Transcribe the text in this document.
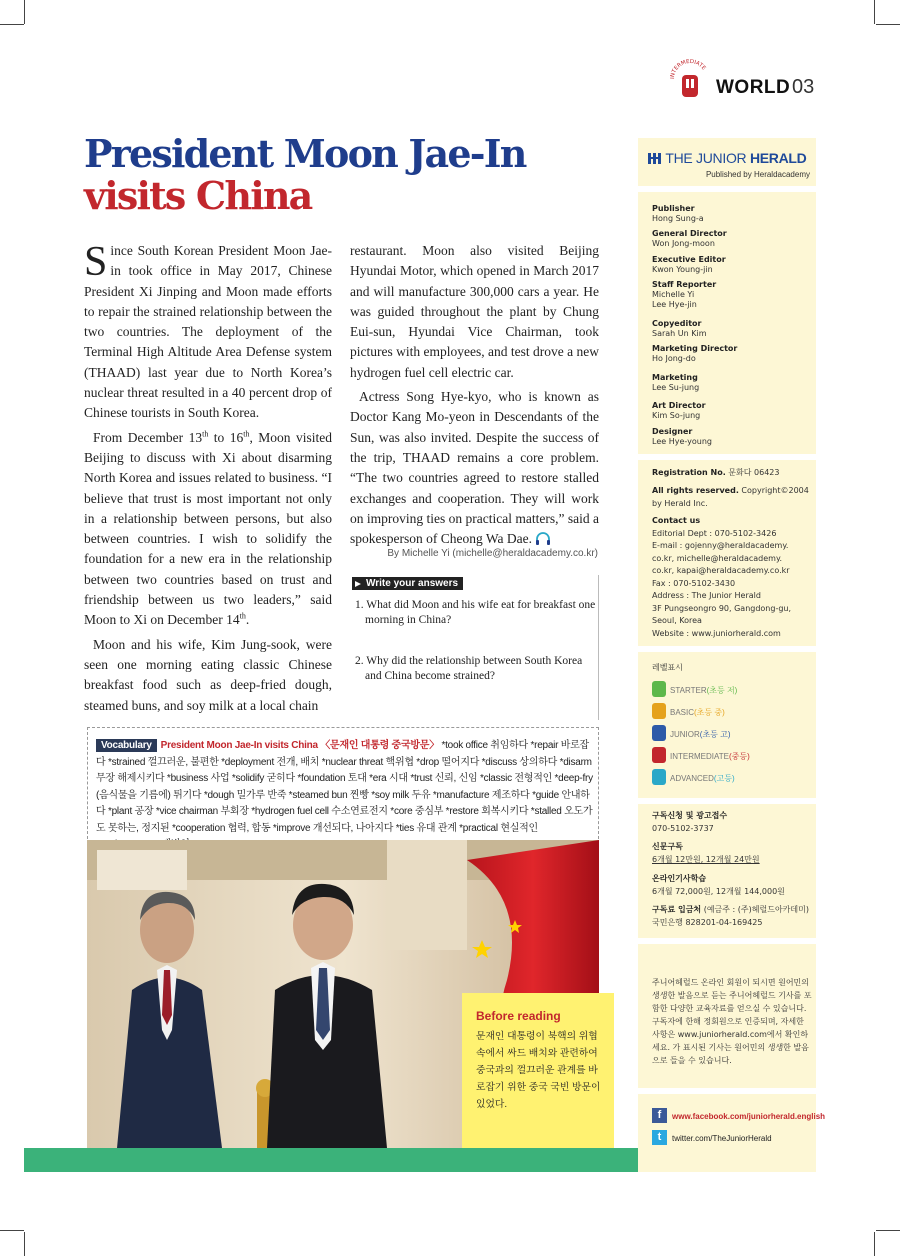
INTERMEDIATE
WORLD 03
President Moon Jae-In
visits China

Since South Korean President Moon Jae-in took office in May 2017, Chinese President Xi Jinping and Moon made efforts to repair the strained relationship between the two countries. The deployment of the Terminal High Altitude Area Defense system (THAAD) last year due to North Korea’s nuclear threat resulted in a 40 percent drop of Chinese tourists in South Korea.

From December 13th to 16th, Moon visited Beijing to discuss with Xi about disarming North Korea and issues related to business. “I believe that trust is most important not only in a relationship between persons, but also between countries. I wish to solidify the foundation for a new era in the relationship between two countries based on trust and friendship between us two leaders,” said Moon to Xi on December 14th.

Moon and his wife, Kim Jung-sook, were seen one morning eating classic Chinese breakfast food such as deep-fried dough, steamed buns, and soy milk at a local chain

restaurant. Moon also visited Beijing Hyundai Motor, which opened in March 2017 and will manufacture 300,000 cars a year. He was guided throughout the plant by Chung Eui-sun, Hyundai Vice Chairman, took pictures with employees, and test drove a new hydrogen fuel cell electric car.

Actress Song Hye-kyo, who is known as Doctor Kang Mo-yeon in Descendants of the Sun, was also invited. Despite the success of the trip, THAAD remains a core problem. “The two countries agreed to restore stalled exchanges and cooperation. They will work on improving ties on practical matters,” said a spokesperson of Cheong Wa Dae.

By Michelle Yi (michelle@heraldacademy.co.kr)
Write your answers
1. What did Moon and his wife eat for breakfast one morning in China?
2. Why did the relationship between South Korea and China become strained?
Vocabulary President Moon Jae-In visits China 〈문재인 대통령 중국방문〉 *took office 취임하다 *repair 바로잡다 *strained 껄끄러운, 불편한 *deployment 전개, 배치 *nuclear threat 핵위협 *drop 떨어지다 *discuss 상의하다 *disarm 무장 해제시키다 *business 사업 *solidify 굳히다 *foundation 토대 *era 시대 *trust 신뢰, 신임 *classic 전형적인 *deep-fry (음식물을 기름에) 튀기다 *dough 밀가루 반죽 *steamed bun 찐빵 *soy milk 두유 *manufacture 제조하다 *guide 안내하다 *plant 공장 *vice chairman 부회장 *hydrogen fuel cell 수소연료전지 *core 중심부 *restore 회복시키다 *stalled 오도가도 못하는, 정지된 *cooperation 협력, 합동 *improve 개선되다, 나아지다 *ties 유대 관계 *practical 현실적인
Before reading
문재인 대통령이 북핵의 위협속에서 싸드 배치와 관련하여 중국과의 껄끄러운 관계를 바로잡기 위한 중국 국빈 방문이 있었다.
THE JUNIOR HERALD
Published by Heraldacademy
Publisher
Hong Sung-a
General Director
Won Jong-moon
Executive Editor
Kwon Young-jin
Staff Reporter
Michelle Yi
Lee Hye-jin
Copyeditor
Sarah Un Kim
Marketing Director
Ho Jong-do
Marketing
Lee Su-jung
Art Director
Kim So-jung
Designer
Lee Hye-young
Registration No. 문화다 06423
All rights reserved. Copyright©2004 by Herald Inc.
Contact us
Editorial Dept : 070-5102-3426
E-mail : gojenny@heraldacademy.
co.kr, michelle@heraldacademy.
co.kr, kapai@heraldacademy.co.kr
Fax : 070-5102-3430
Address : The Junior Herald
3F Pungseongro 90, Gangdong-gu,
Seoul, Korea
Website : www.juniorherald.com
레벨표시
STARTER(초등 저)
BASIC(초등 중)
JUNIOR(초등 고)
INTERMEDIATE(중등)
ADVANCED(고등)
구독신청 및 광고접수
070-5102-3737
신문구독
6개월 12만원, 12개월 24만원
온라인기사학습
6개월 72,000원, 12개월 144,000원
구독료 입금처 (예금주 : (주)헤럴드아카데미)
국민은행 828201-04-169425
주니어헤럴드 온라인 회원이 되시면 원어민의 생생한 발음으로 듣는 주니어헤럴드 기사를 포함한 다양한 교육자료를 얻으실 수 있습니다. 구독자에 한해 정회원으로 인증되며, 자세한 사항은 www.juniorherald.com에서 확인하세요. 가 표시된 기사는 원어민의 생생한 발음으로 들을 수 있습니다.
f	www.facebook.com/juniorherald.english
t	twitter.com/TheJuniorHerald
